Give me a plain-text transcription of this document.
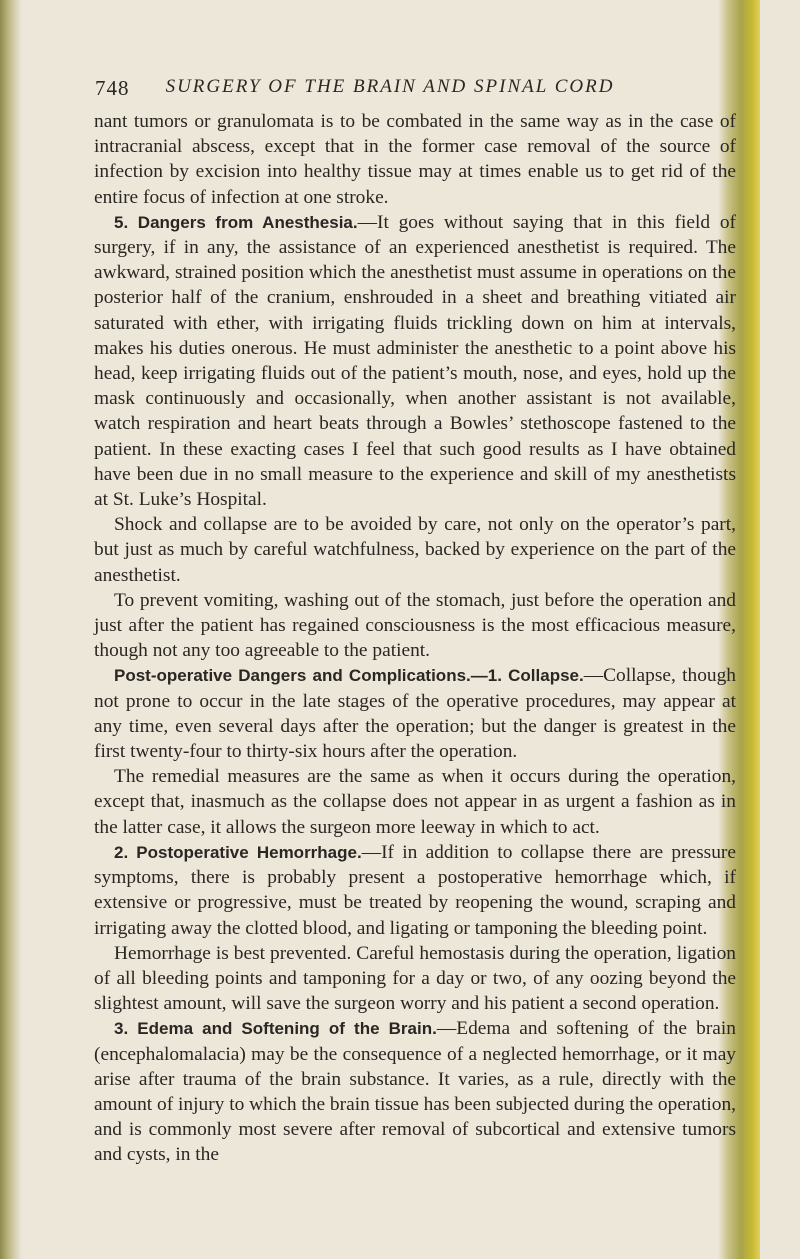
748	SURGERY OF THE BRAIN AND SPINAL CORD

nant tumors or granulomata is to be combated in the same way as in the case of intracranial abscess, except that in the former case removal of the source of infection by excision into healthy tissue may at times enable us to get rid of the entire focus of infection at one stroke.

5. Dangers from Anesthesia.—It goes without saying that in this field of surgery, if in any, the assistance of an experienced anesthetist is required. The awkward, strained position which the anesthetist must assume in operations on the posterior half of the cranium, enshrouded in a sheet and breathing vitiated air saturated with ether, with irrigating fluids trickling down on him at intervals, makes his duties onerous. He must administer the anesthetic to a point above his head, keep irrigating fluids out of the patient’s mouth, nose, and eyes, hold up the mask continuously and occasionally, when another assistant is not available, watch respiration and heart beats through a Bowles’ stethoscope fastened to the patient. In these exacting cases I feel that such good results as I have obtained have been due in no small measure to the experience and skill of my anesthetists at St. Luke’s Hospital.

Shock and collapse are to be avoided by care, not only on the operator’s part, but just as much by careful watchfulness, backed by experience on the part of the anesthetist.

To prevent vomiting, washing out of the stomach, just before the operation and just after the patient has regained consciousness is the most efficacious measure, though not any too agreeable to the patient.

Post-operative Dangers and Complications.—1. Collapse.—Collapse, though not prone to occur in the late stages of the operative procedures, may appear at any time, even several days after the operation; but the danger is greatest in the first twenty-four to thirty-six hours after the operation.

The remedial measures are the same as when it occurs during the operation, except that, inasmuch as the collapse does not appear in as urgent a fashion as in the latter case, it allows the surgeon more leeway in which to act.

2. Postoperative Hemorrhage.—If in addition to collapse there are pressure symptoms, there is probably present a postoperative hemorrhage which, if extensive or progressive, must be treated by reopening the wound, scraping and irrigating away the clotted blood, and ligating or tamponing the bleeding point.

Hemorrhage is best prevented. Careful hemostasis during the operation, ligation of all bleeding points and tamponing for a day or two, of any oozing beyond the slightest amount, will save the surgeon worry and his patient a second operation.

3. Edema and Softening of the Brain.—Edema and softening of the brain (encephalomalacia) may be the consequence of a neglected hemorrhage, or it may arise after trauma of the brain substance. It varies, as a rule, directly with the amount of injury to which the brain tissue has been subjected during the operation, and is commonly most severe after removal of subcortical and extensive tumors and cysts, in the
